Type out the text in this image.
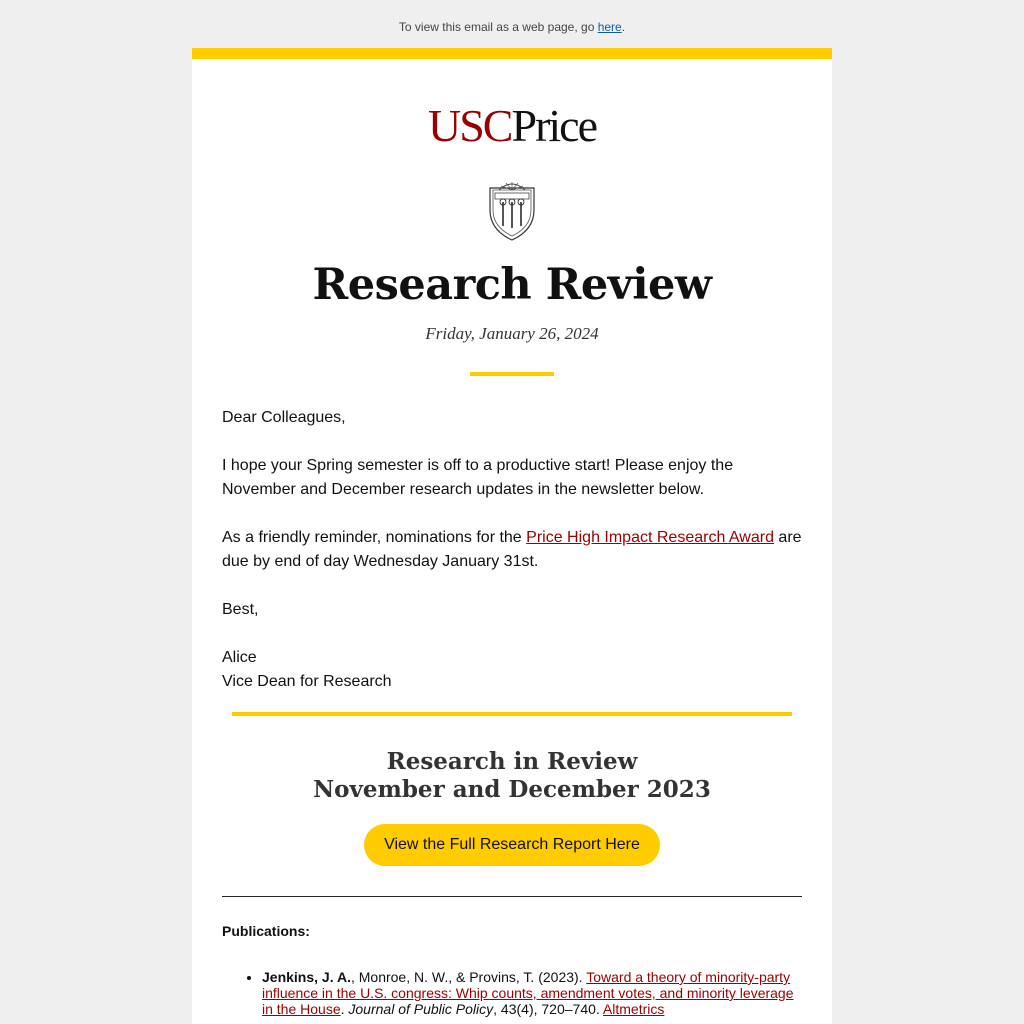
To view this email as a web page, go here.
USCPrice
Research Review
Friday, January 26, 2024

Dear Colleagues,

I hope your Spring semester is off to a productive start! Please enjoy the November and December research updates in the newsletter below.

As a friendly reminder, nominations for the Price High Impact Research Award are due by end of day Wednesday January 31st.

Best,

Alice
Vice Dean for Research

Research in Review
November and December 2023
View the Full Research Report Here
Publications:
• Jenkins, J. A., Monroe, N. W., & Provins, T. (2023). Toward a theory of minority-party influence in the U.S. congress: Whip counts, amendment votes, and minority leverage in the House. Journal of Public Policy, 43(4), 720–740. Altmetrics
